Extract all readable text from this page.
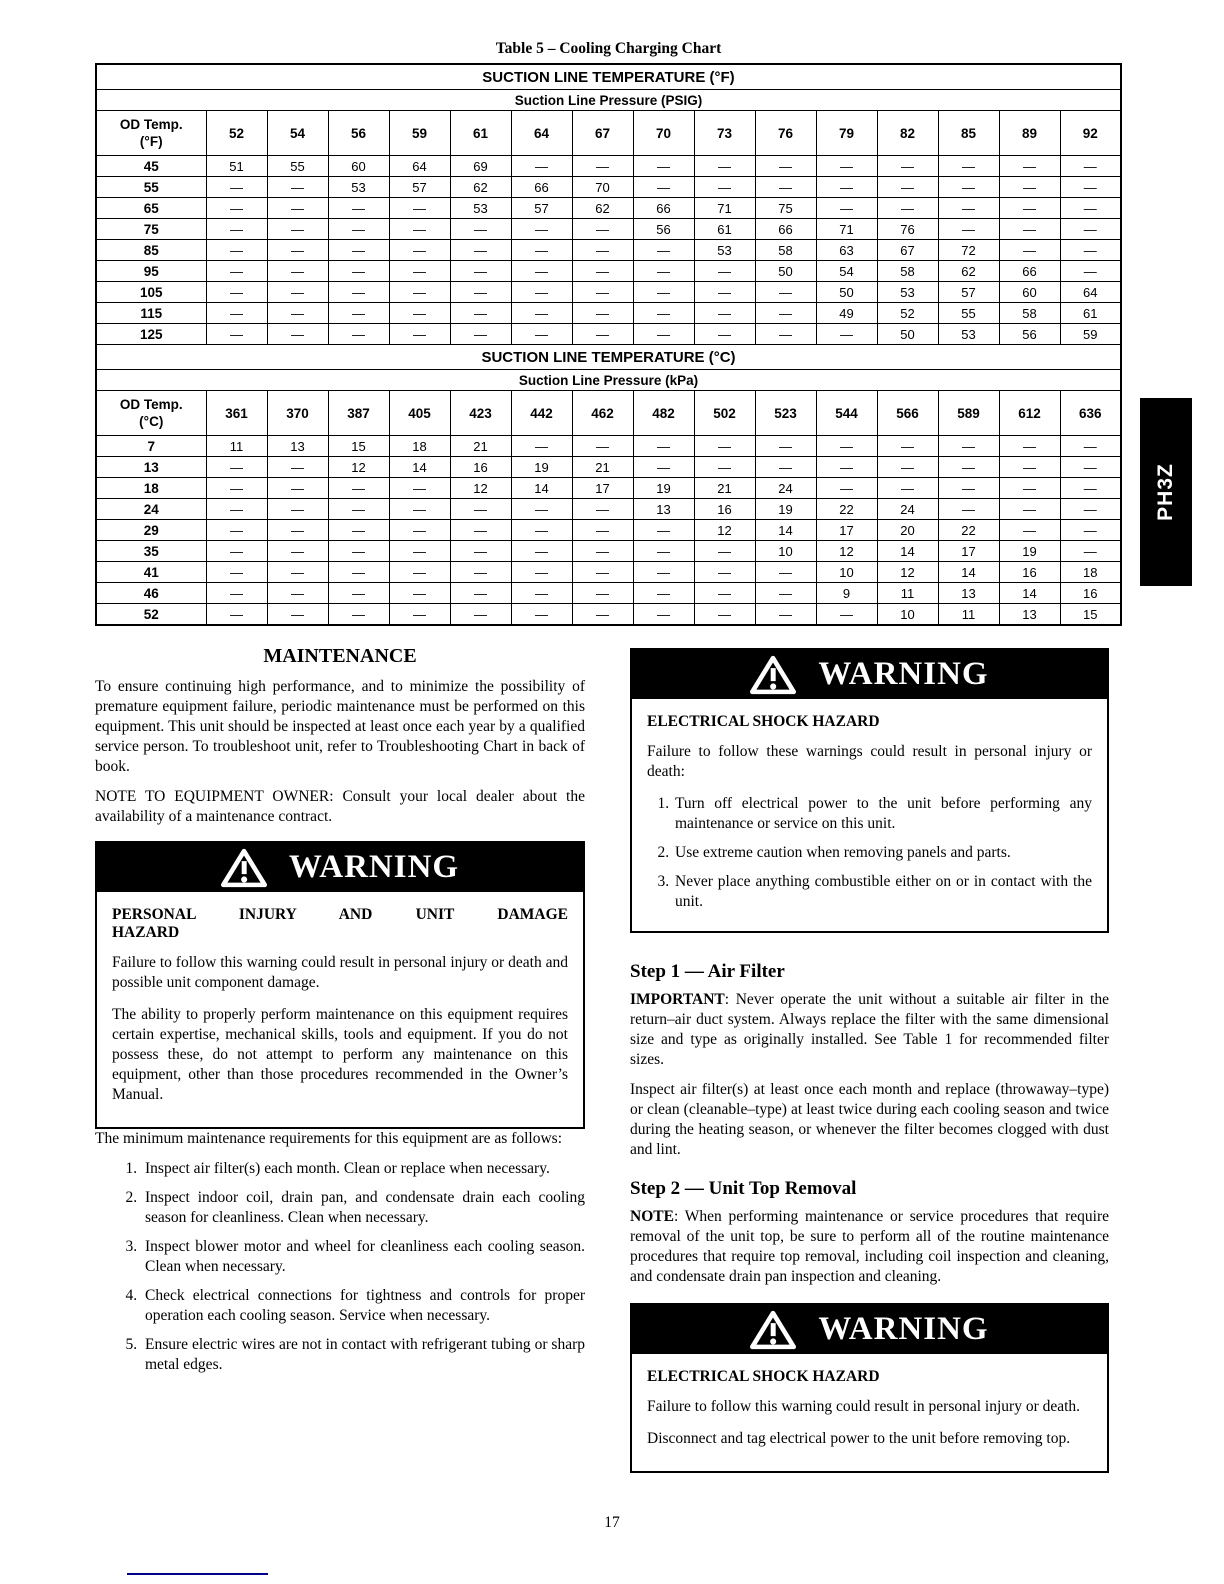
Table 5 – Cooling Charging Chart
SUCTION LINE TEMPERATURE (°F)															
Suction Line Pressure (PSIG)															
OD Temp.
(°F)	52	54	56	59	61	64	67	70	73	76	79	82	85	89	92
45	51	55	60	64	69	—	—	—	—	—	—	—	—	—	—
55	—	—	53	57	62	66	70	—	—	—	—	—	—	—	—
65	—	—	—	—	53	57	62	66	71	75	—	—	—	—	—
75	—	—	—	—	—	—	—	56	61	66	71	76	—	—	—
85	—	—	—	—	—	—	—	—	53	58	63	67	72	—	—
95	—	—	—	—	—	—	—	—	—	50	54	58	62	66	—
105	—	—	—	—	—	—	—	—	—	—	50	53	57	60	64
115	—	—	—	—	—	—	—	—	—	—	49	52	55	58	61
125	—	—	—	—	—	—	—	—	—	—	—	50	53	56	59
SUCTION LINE TEMPERATURE (°C)															
Suction Line Pressure (kPa)															
OD Temp.
(°C)	361	370	387	405	423	442	462	482	502	523	544	566	589	612	636
7	11	13	15	18	21	—	—	—	—	—	—	—	—	—	—
13	—	—	12	14	16	19	21	—	—	—	—	—	—	—	—
18	—	—	—	—	12	14	17	19	21	24	—	—	—	—	—
24	—	—	—	—	—	—	—	13	16	19	22	24	—	—	—
29	—	—	—	—	—	—	—	—	12	14	17	20	22	—	—
35	—	—	—	—	—	—	—	—	—	10	12	14	17	19	—
41	—	—	—	—	—	—	—	—	—	—	10	12	14	16	18
46	—	—	—	—	—	—	—	—	—	—	9	11	13	14	16
52	—	—	—	—	—	—	—	—	—	—	—	10	11	13	15
MAINTENANCE

To ensure continuing high performance, and to minimize the possibility of premature equipment failure, periodic maintenance must be performed on this equipment. This unit should be inspected at least once each year by a qualified service person. To troubleshoot unit, refer to Troubleshooting Chart in back of book.

NOTE TO EQUIPMENT OWNER: Consult your local dealer about the availability of a maintenance contract.

WARNING
PERSONAL INJURY AND UNIT DAMAGE
HAZARD

Failure to follow this warning could result in personal injury or death and possible unit component damage.

The ability to properly perform maintenance on this equipment requires certain expertise, mechanical skills, tools and equipment. If you do not possess these, do not attempt to perform any maintenance on this equipment, other than those procedures recommended in the Owner’s Manual.

The minimum maintenance requirements for this equipment are as follows:

1. Inspect air filter(s) each month. Clean or replace when necessary.
2. Inspect indoor coil, drain pan, and condensate drain each cooling season for cleanliness. Clean when necessary.
3. Inspect blower motor and wheel for cleanliness each cooling season. Clean when necessary.
4. Check electrical connections for tightness and controls for proper operation each cooling season. Service when necessary.
5. Ensure electric wires are not in contact with refrigerant tubing or sharp metal edges.
WARNING
ELECTRICAL SHOCK HAZARD

Failure to follow these warnings could result in personal injury or death:

1. Turn off electrical power to the unit before performing any maintenance or service on this unit.
2. Use extreme caution when removing panels and parts.
3. Never place anything combustible either on or in contact with the unit.
Step 1 — Air Filter

IMPORTANT: Never operate the unit without a suitable air filter in the return–air duct system. Always replace the filter with the same dimensional size and type as originally installed. See Table 1 for recommended filter sizes.

Inspect air filter(s) at least once each month and replace (throwaway–type) or clean (cleanable–type) at least twice during each cooling season and twice during the heating season, or whenever the filter becomes clogged with dust and lint.

Step 2 — Unit Top Removal

NOTE: When performing maintenance or service procedures that require removal of the unit top, be sure to perform all of the routine maintenance procedures that require top removal, including coil inspection and cleaning, and condensate drain pan inspection and cleaning.

WARNING
ELECTRICAL SHOCK HAZARD

Failure to follow this warning could result in personal injury or death.

Disconnect and tag electrical power to the unit before removing top.

PH3Z
17
